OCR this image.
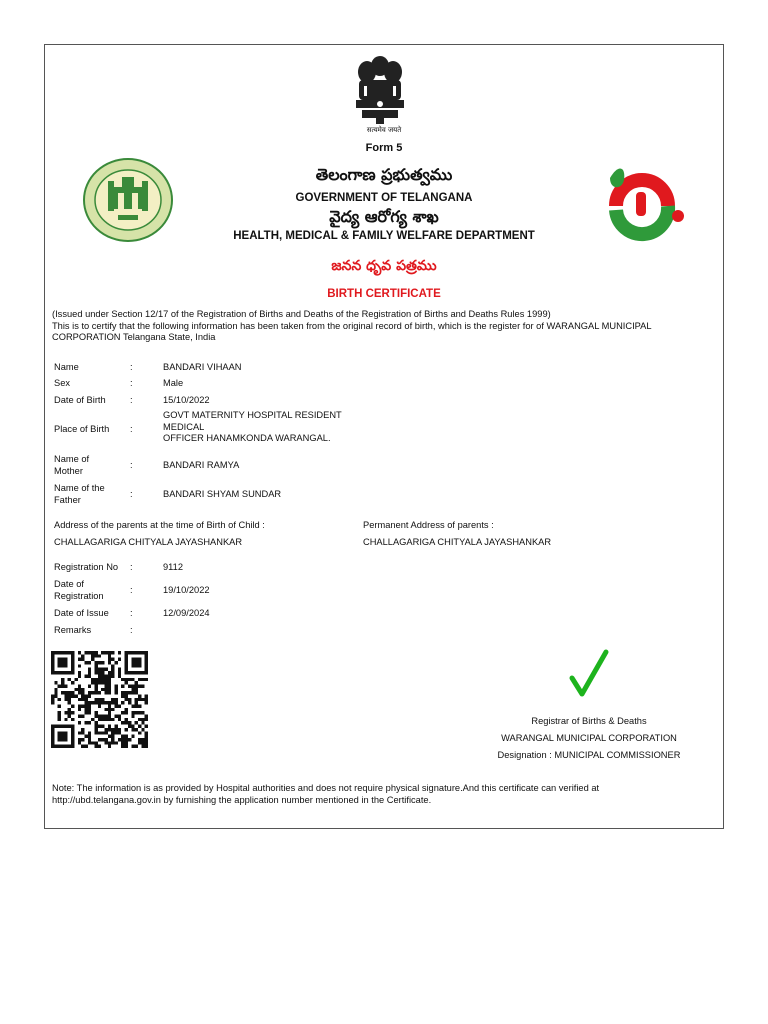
सत्यमेव जयते
Form 5
తెలంగాణ ప్రభుత్వము
GOVERNMENT OF TELANGANA
వైద్య ఆరోగ్య శాఖ
HEALTH, MEDICAL & FAMILY WELFARE DEPARTMENT
జనన ధృవ పత్రము
BIRTH CERTIFICATE
(Issued under Section 12/17 of the Registration of Births and Deaths of the Registration of Births and Deaths Rules 1999)
This is to certify that the following information has been taken from the original record of birth, which is the register for of WARANGAL MUNICIPAL CORPORATION Telangana State, India
Name	:	BANDARI VIHAAN
Sex	:	Male
Date of Birth	:	15/10/2022
Place of Birth	:
GOVT MATERNITY HOSPITAL RESIDENT
MEDICAL
OFFICER HANAMKONDA WARANGAL.
Name of
Mother
:	BANDARI RAMYA
Name of the
Father
:	BANDARI SHYAM SUNDAR
Address of the parents at the time of Birth of Child :
CHALLAGARIGA CHITYALA JAYASHANKAR
Permanent Address of parents :
CHALLAGARIGA CHITYALA JAYASHANKAR
Registration No	:	9112
Date of
Registration
:	19/10/2022
Date of Issue	:	12/09/2024
Remarks	:
Registrar of Births & Deaths
WARANGAL MUNICIPAL CORPORATION
Designation : MUNICIPAL COMMISSIONER
Note: The information is as provided by Hospital authorities and does not require physical signature.And this certificate can verified at http://ubd.telangana.gov.in by furnishing the application number mentioned in the Certificate.
